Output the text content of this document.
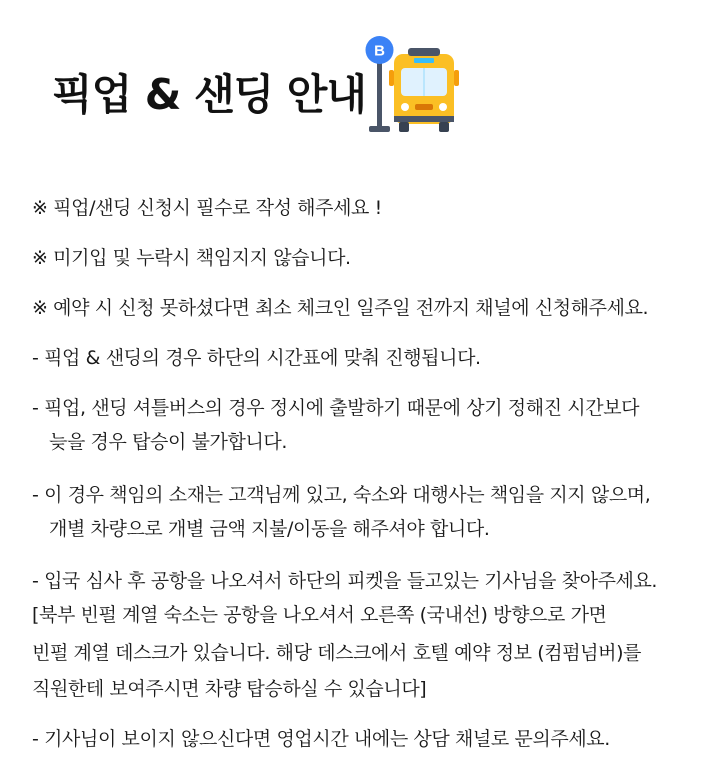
픽업 & 샌딩 안내
B
※ 픽업/샌딩 신청시 필수로 작성 해주세요 !
※ 미기입 및 누락시 책임지지 않습니다.
※ 예약 시 신청 못하셨다면 최소 체크인 일주일 전까지 채널에 신청해주세요.
- 픽업 & 샌딩의 경우 하단의 시간표에 맞춰 진행됩니다.
- 픽업, 샌딩 셔틀버스의 경우 정시에 출발하기 때문에 상기 정해진 시간보다
늦을 경우 탑승이 불가합니다.
- 이 경우 책임의 소재는 고객님께 있고, 숙소와 대행사는 책임을 지지 않으며,
개별 차량으로 개별 금액 지불/이동을 해주셔야 합니다.
- 입국 심사 후 공항을 나오셔서 하단의 피켓을 들고있는 기사님을 찾아주세요.
[북부 빈펄 계열 숙소는 공항을 나오셔서 오른쪽 (국내선) 방향으로 가면
빈펄 계열 데스크가 있습니다. 해당 데스크에서 호텔 예약 정보 (컴펌넘버)를
직원한테 보여주시면 차량 탑승하실 수 있습니다]
- 기사님이 보이지 않으신다면 영업시간 내에는 상담 채널로 문의주세요.
